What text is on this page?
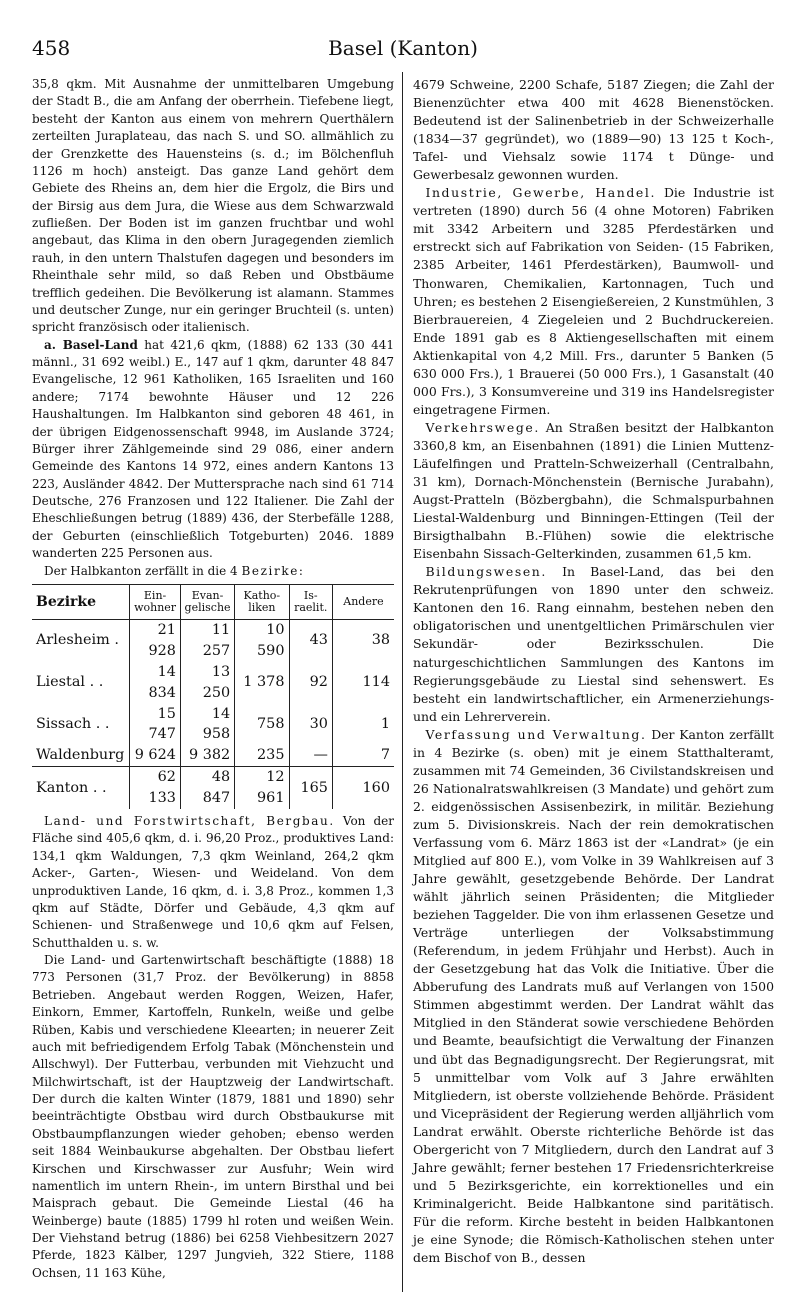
458	Basel (Kanton)

35,8 qkm. Mit Ausnahme der unmittelbaren Umgebung der Stadt B., die am Anfang der oberrhein. Tiefebene liegt, besteht der Kanton aus einem von mehrern Querthälern zerteilten Juraplateau, das nach S. und SO. allmählich zu der Grenzkette des Hauensteins (s. d.; im Bölchenfluh 1126 m hoch) ansteigt. Das ganze Land gehört dem Gebiete des Rheins an, dem hier die Ergolz, die Birs und der Birsig aus dem Jura, die Wiese aus dem Schwarzwald zufließen. Der Boden ist im ganzen fruchtbar und wohl angebaut, das Klima in den obern Juragegenden ziemlich rauh, in den untern Thalstufen dagegen und besonders im Rheinthale sehr mild, so daß Reben und Obstbäume trefflich gedeihen. Die Bevölkerung ist alamann. Stammes und deutscher Zunge, nur ein geringer Bruchteil (s. unten) spricht französisch oder italienisch.

a. Basel-Land hat 421,6 qkm, (1888) 62 133 (30 441 männl., 31 692 weibl.) E., 147 auf 1 qkm, darunter 48 847 Evangelische, 12 961 Katholiken, 165 Israeliten und 160 andere; 7174 bewohnte Häuser und 12 226 Haushaltungen. Im Halbkanton sind geboren 48 461, in der übrigen Eidgenossenschaft 9948, im Auslande 3724; Bürger ihrer Zählgemeinde sind 29 086, einer andern Gemeinde des Kantons 14 972, eines andern Kantons 13 223, Ausländer 4842. Der Muttersprache nach sind 61 714 Deutsche, 276 Franzosen und 122 Italiener. Die Zahl der Eheschließungen betrug (1889) 436, der Sterbefälle 1288, der Geburten (einschließlich Totgeburten) 2046. 1889 wanderten 225 Personen aus.

Der Halbkanton zerfällt in die 4 Bezirke:

Bezirke	Ein-wohner	Evan-gelische	Katho-liken	Is-raelit.	Andere
Arlesheim .	21 928	11 257	10 590	43	38
Liestal . .	14 834	13 250	1 378	92	114
Sissach . .	15 747	14 958	758	30	1
Waldenburg	9 624	9 382	235	—	7
Kanton . .	62 133	48 847	12 961	165	160

Land- und Forstwirtschaft, Bergbau. Von der Fläche sind 405,6 qkm, d. i. 96,20 Proz., produktives Land: 134,1 qkm Waldungen, 7,3 qkm Weinland, 264,2 qkm Acker-, Garten-, Wiesen- und Weideland. Von dem unproduktiven Lande, 16 qkm, d. i. 3,8 Proz., kommen 1,3 qkm auf Städte, Dörfer und Gebäude, 4,3 qkm auf Schienen- und Straßenwege und 10,6 qkm auf Felsen, Schutthalden u. s. w.

Die Land- und Gartenwirtschaft beschäftigte (1888) 18 773 Personen (31,7 Proz. der Bevölkerung) in 8858 Betrieben. Angebaut werden Roggen, Weizen, Hafer, Einkorn, Emmer, Kartoffeln, Runkeln, weiße und gelbe Rüben, Kabis und verschiedene Kleearten; in neuerer Zeit auch mit befriedigendem Erfolg Tabak (Mönchenstein und Allschwyl). Der Futterbau, verbunden mit Viehzucht und Milchwirtschaft, ist der Hauptzweig der Landwirtschaft. Der durch die kalten Winter (1879, 1881 und 1890) sehr beeinträchtigte Obstbau wird durch Obstbaukurse mit Obstbaumpflanzungen wieder gehoben; ebenso werden seit 1884 Weinbaukurse abgehalten. Der Obstbau liefert Kirschen und Kirschwasser zur Ausfuhr; Wein wird namentlich im untern Rhein-, im untern Birsthal und bei Maisprach gebaut. Die Gemeinde Liestal (46 ha Weinberge) baute (1885) 1799 hl roten und weißen Wein. Der Viehstand betrug (1886) bei 6258 Viehbesitzern 2027 Pferde, 1823 Kälber, 1297 Jungvieh, 322 Stiere, 1188 Ochsen, 11 163 Kühe,

4679 Schweine, 2200 Schafe, 5187 Ziegen; die Zahl der Bienenzüchter etwa 400 mit 4628 Bienenstöcken. Bedeutend ist der Salinenbetrieb in der Schweizerhalle (1834—37 gegründet), wo (1889—90) 13 125 t Koch-, Tafel- und Viehsalz sowie 1174 t Dünge- und Gewerbesalz gewonnen wurden.

Industrie, Gewerbe, Handel. Die Industrie ist vertreten (1890) durch 56 (4 ohne Motoren) Fabriken mit 3342 Arbeitern und 3285 Pferdestärken und erstreckt sich auf Fabrikation von Seiden- (15 Fabriken, 2385 Arbeiter, 1461 Pferdestärken), Baumwoll- und Thonwaren, Chemikalien, Kartonnagen, Tuch und Uhren; es bestehen 2 Eisengießereien, 2 Kunstmühlen, 3 Bierbrauereien, 4 Ziegeleien und 2 Buchdruckereien. Ende 1891 gab es 8 Aktiengesellschaften mit einem Aktienkapital von 4,2 Mill. Frs., darunter 5 Banken (5 630 000 Frs.), 1 Brauerei (50 000 Frs.), 1 Gasanstalt (40 000 Frs.), 3 Konsumvereine und 319 ins Handelsregister eingetragene Firmen.

Verkehrswege. An Straßen besitzt der Halbkanton 3360,8 km, an Eisenbahnen (1891) die Linien Muttenz-Läufelfingen und Pratteln-Schweizerhall (Centralbahn, 31 km), Dornach-Mönchenstein (Bernische Jurabahn), Augst-Pratteln (Bözbergbahn), die Schmalspurbahnen Liestal-Waldenburg und Binningen-Ettingen (Teil der Birsigthalbahn B.-Flühen) sowie die elektrische Eisenbahn Sissach-Gelterkinden, zusammen 61,5 km.

Bildungswesen. In Basel-Land, das bei den Rekrutenprüfungen von 1890 unter den schweiz. Kantonen den 16. Rang einnahm, bestehen neben den obligatorischen und unentgeltlichen Primärschulen vier Sekundär- oder Bezirksschulen. Die naturgeschichtlichen Sammlungen des Kantons im Regierungsgebäude zu Liestal sind sehenswert. Es besteht ein landwirtschaftlicher, ein Armenerziehungs- und ein Lehrerverein.

Verfassung und Verwaltung. Der Kanton zerfällt in 4 Bezirke (s. oben) mit je einem Statthalteramt, zusammen mit 74 Gemeinden, 36 Civilstandskreisen und 26 Nationalratswahlkreisen (3 Mandate) und gehört zum 2. eidgenössischen Assisenbezirk, in militär. Beziehung zum 5. Divisionskreis. Nach der rein demokratischen Verfassung vom 6. März 1863 ist der «Landrat» (je ein Mitglied auf 800 E.), vom Volke in 39 Wahlkreisen auf 3 Jahre gewählt, gesetzgebende Behörde. Der Landrat wählt jährlich seinen Präsidenten; die Mitglieder beziehen Taggelder. Die von ihm erlassenen Gesetze und Verträge unterliegen der Volksabstimmung (Referendum, in jedem Frühjahr und Herbst). Auch in der Gesetzgebung hat das Volk die Initiative. Über die Abberufung des Landrats muß auf Verlangen von 1500 Stimmen abgestimmt werden. Der Landrat wählt das Mitglied in den Ständerat sowie verschiedene Behörden und Beamte, beaufsichtigt die Verwaltung der Finanzen und übt das Begnadigungsrecht. Der Regierungsrat, mit 5 unmittelbar vom Volk auf 3 Jahre erwählten Mitgliedern, ist oberste vollziehende Behörde. Präsident und Vicepräsident der Regierung werden alljährlich vom Landrat erwählt. Oberste richterliche Behörde ist das Obergericht von 7 Mitgliedern, durch den Landrat auf 3 Jahre gewählt; ferner bestehen 17 Friedensrichterkreise und 5 Bezirksgerichte, ein korrektionelles und ein Kriminalgericht. Beide Halbkantone sind paritätisch. Für die reform. Kirche besteht in beiden Halbkantonen je eine Synode; die Römisch-Katholischen stehen unter dem Bischof von B., dessen
